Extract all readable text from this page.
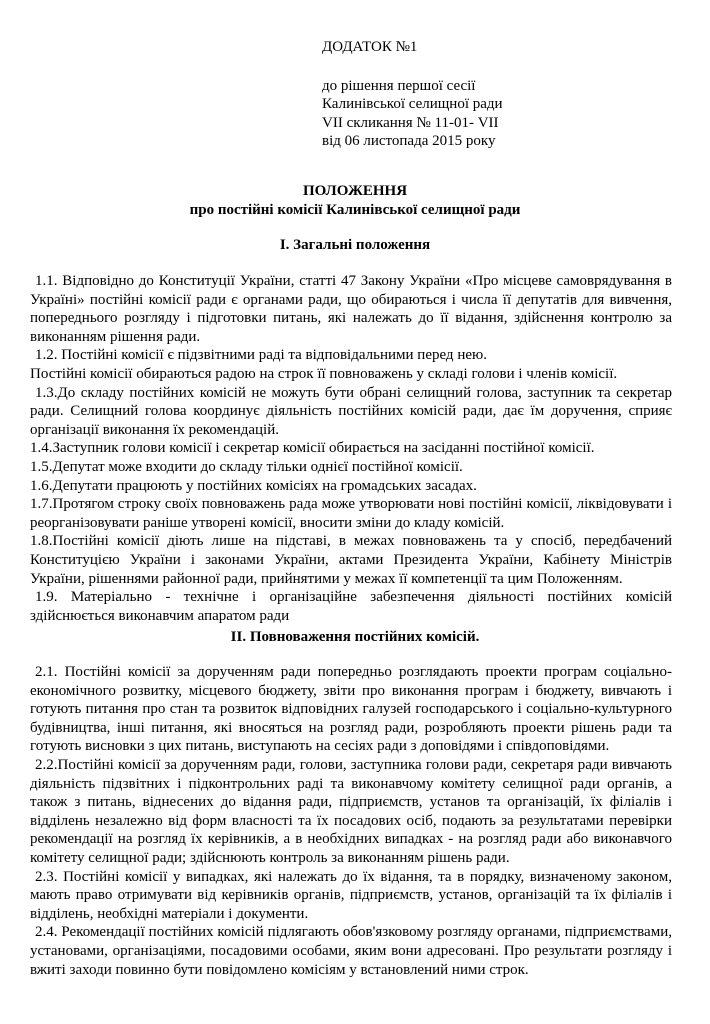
ДОДАТОК №1
до рішення першої сесії
Калинівської селищної ради
VII скликання № 11-01- VII
від 06 листопада 2015 року
ПОЛОЖЕННЯ
про постійні комісії Калинівської селищної ради
І. Загальні положення

1.1. Відповідно до Конституції України, статті 47 Закону України «Про місцеве самоврядування в Україні» постійні комісії ради є органами ради, що обираються і числа її депутатів для вивчення, попереднього розгляду і підготовки питань, які належать до її відання, здійснення контролю за виконанням рішення ради.

1.2. Постійні комісії є підзвітними раді та відповідальними перед нею.

Постійні комісії обираються радою на строк її повноважень у складі голови і членів комісії.

1.3.До складу постійних комісій не можуть бути обрані селищний голова, заступник та секретар ради. Селищний голова координує діяльність постійних комісій ради, дає їм доручення, сприяє організації виконання їх рекомендацій.

1.4.Заступник голови комісії і секретар комісії обирається на засіданні постійної комісії.

1.5.Депутат може входити до складу тільки однієї постійної комісії.

1.6.Депутати працюють у постійних комісіях на громадських засадах.

1.7.Протягом строку своїх повноважень рада може утворювати нові постійні комісії, ліквідовувати і реорганізовувати раніше утворені комісії, вносити зміни до кладу комісій.

1.8.Постійні комісії діють лише на підставі, в межах повноважень та у спосіб, передбачений Конституцією України і законами України, актами Президента України, Кабінету Міністрів України, рішеннями районної ради, прийнятими у межах її компетенції та цим Положенням.

1.9. Матеріально - технічне і організаційне забезпечення діяльності постійних комісій здійснюється виконавчим апаратом ради

ІІ. Повноваження постійних комісій.

2.1. Постійні комісії за дорученням ради попередньо розглядають проекти програм соціально-економічного розвитку, місцевого бюджету, звіти про виконання програм і бюджету, вивчають і готують питання про стан та розвиток відповідних галузей господарського і соціально-культурного будівництва, інші питання, які вносяться на розгляд ради, розробляють проекти рішень ради та готують висновки з цих питань, виступають на сесіях ради з доповідями і співдоповідями.

2.2.Постійні комісії за дорученням ради, голови, заступника голови ради, секретаря ради вивчають діяльність підзвітних і підконтрольних раді та виконавчому комітету селищної ради органів, а також з питань, віднесених до відання ради, підприємств, установ та організацій, їх філіалів і відділень незалежно від форм власності та їх посадових осіб, подають за результатами перевірки рекомендації на розгляд їх керівників, а в необхідних випадках - на розгляд ради або виконавчого комітету селищної ради; здійснюють контроль за виконанням рішень ради.

2.3. Постійні комісії у випадках, які належать до їх відання, та в порядку, визначеному законом, мають право отримувати від керівників органів, підприємств, установ, організацій та їх філіалів і відділень, необхідні матеріали і документи.

2.4. Рекомендації постійних комісій підлягають обов'язковому розгляду органами, підприємствами, установами, організаціями, посадовими особами, яким вони адресовані. Про результати розгляду і вжиті заходи повинно бути повідомлено комісіям у встановлений ними строк.
